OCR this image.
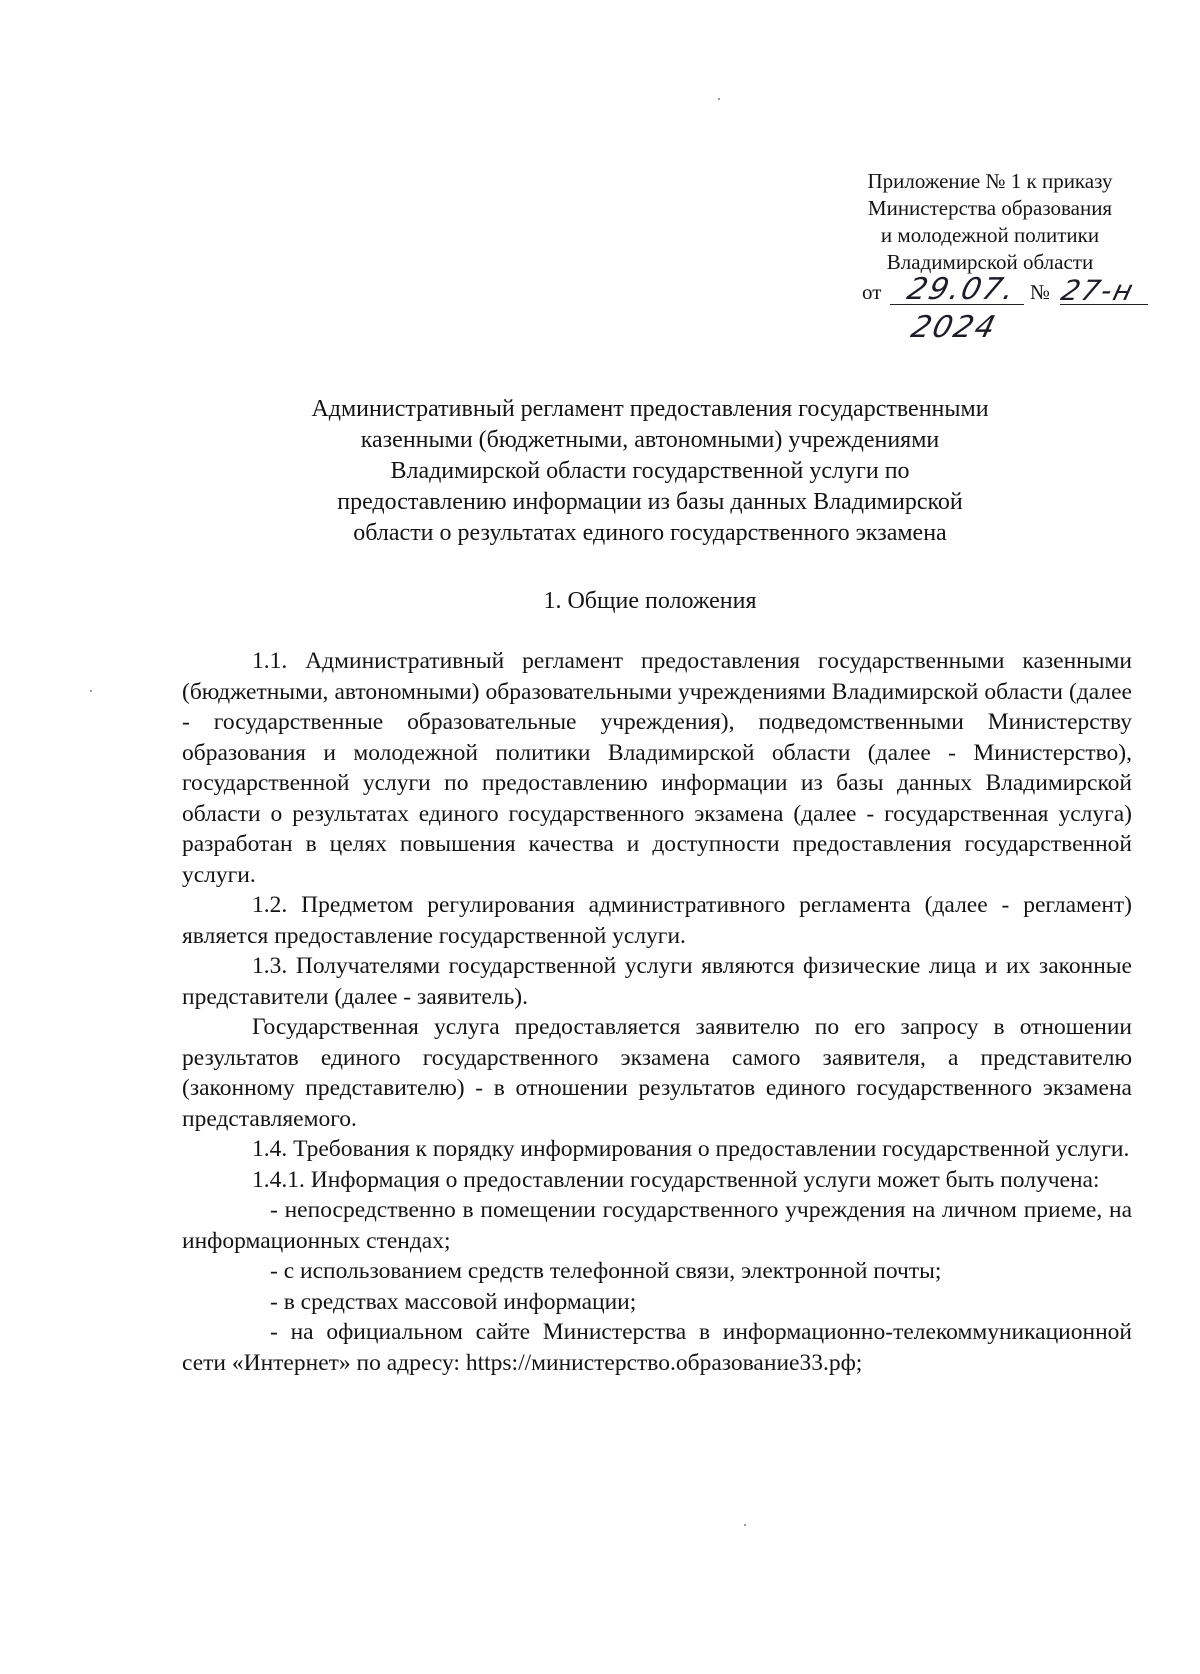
Приложение № 1 к приказу
Министерства образования
и молодежной политики
Владимирской области
от 29.07. № 27-н
2024
Административный регламент предоставления государственными
казенными (бюджетными, автономными) учреждениями
Владимирской области государственной услуги по
предоставлению информации из базы данных Владимирской
области о результатах единого государственного экзамена
1. Общие положения

1.1. Административный регламент предоставления государственными казенными (бюджетными, автономными) образовательными учреждениями Владимирской области (далее - государственные образовательные учреждения), подведомственными Министерству образования и молодежной политики Владимирской области (далее - Министерство), государственной услуги по предоставлению информации из базы данных Владимирской области о результатах единого государственного экзамена (далее - государственная услуга) разработан в целях повышения качества и доступности предоставления государственной услуги.

1.2. Предметом регулирования административного регламента (далее - регламент) является предоставление государственной услуги.

1.3. Получателями государственной услуги являются физические лица и их законные представители (далее - заявитель).

Государственная услуга предоставляется заявителю по его запросу в отношении результатов единого государственного экзамена самого заявителя, а представителю (законному представителю) - в отношении результатов единого государственного экзамена представляемого.

1.4. Требования к порядку информирования о предоставлении государственной услуги.

1.4.1. Информация о предоставлении государственной услуги может быть получена:

- непосредственно в помещении государственного учреждения на личном приеме, на информационных стендах;

- с использованием средств телефонной связи, электронной почты;

- в средствах массовой информации;

- на официальном сайте Министерства в информационно-телекоммуникационной сети «Интернет» по адресу: https://министерство.образование33.рф;
